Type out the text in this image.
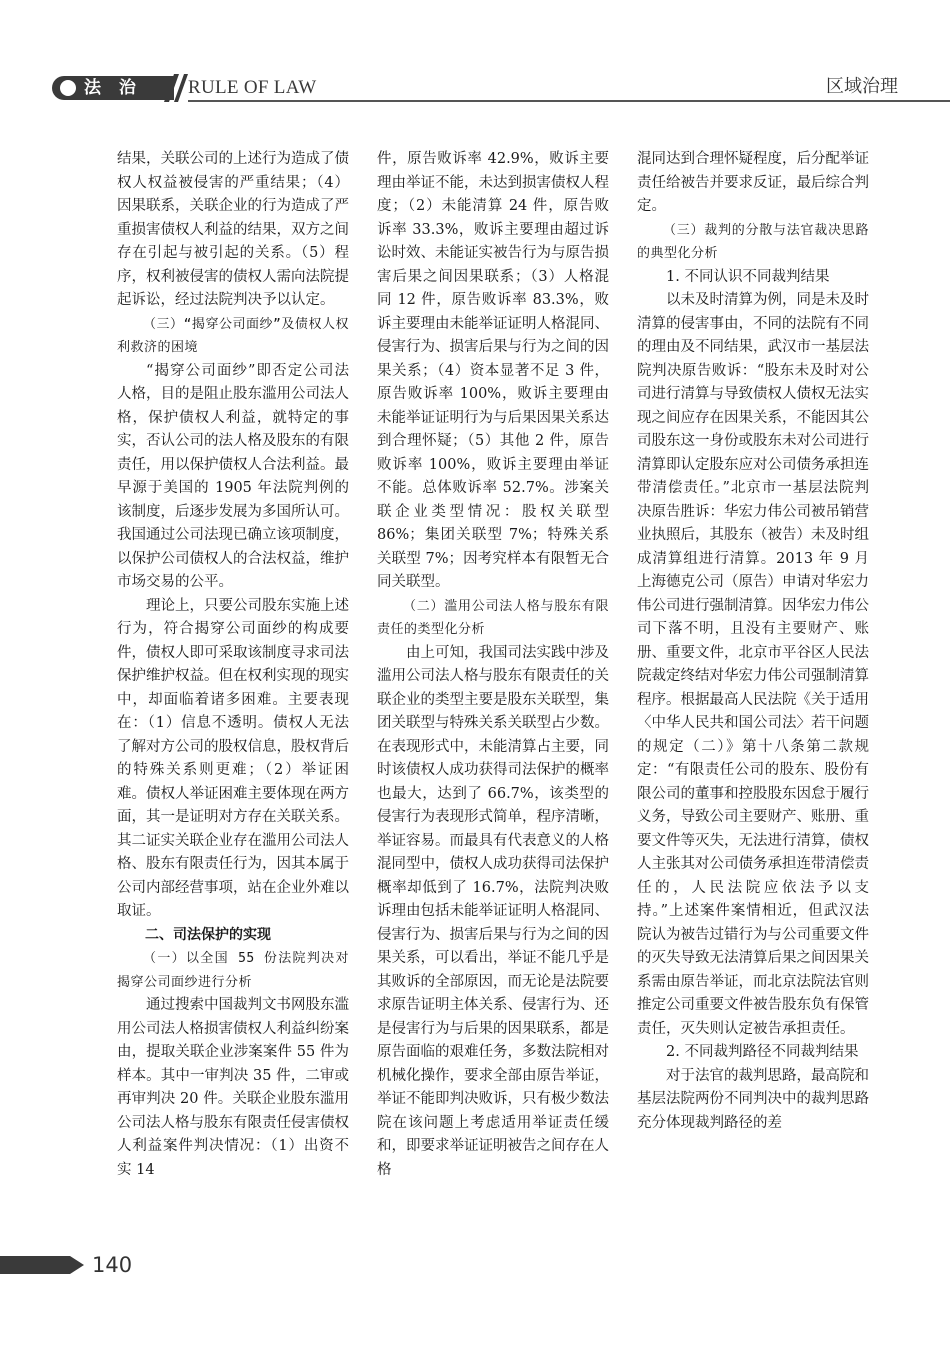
法 治 RULE OF LAW	区域治理

结果，关联公司的上述行为造成了债权人权益被侵害的严重结果；（4）因果联系，关联企业的行为造成了严重损害债权人利益的结果，双方之间存在引起与被引起的关系。（5）程序，权利被侵害的债权人需向法院提起诉讼，经过法院判决予以认定。

（三）“揭穿公司面纱”及债权人权利救济的困境

“揭穿公司面纱”即否定公司法人格，目的是阻止股东滥用公司法人格，保护债权人利益，就特定的事实，否认公司的法人格及股东的有限责任，用以保护债权人合法利益。最早源于美国的 1905 年法院判例的该制度，后逐步发展为多国所认可。我国通过公司法现已确立该项制度，以保护公司债权人的合法权益，维护市场交易的公平。

理论上，只要公司股东实施上述行为，符合揭穿公司面纱的构成要件，债权人即可采取该制度寻求司法保护维护权益。但在权利实现的现实中，却面临着诸多困难。主要表现在：（1）信息不透明。债权人无法了解对方公司的股权信息，股权背后的特殊关系则更难；（2）举证困难。债权人举证困难主要体现在两方面，其一是证明对方存在关联关系。其二证实关联企业存在滥用公司法人格、股东有限责任行为，因其本属于公司内部经营事项，站在企业外难以取证。

二、司法保护的实现

（一）以全国 55 份法院判决对揭穿公司面纱进行分析

通过搜索中国裁判文书网股东滥用公司法人格损害债权人利益纠纷案由，提取关联企业涉案案件 55 件为样本。其中一审判决 35 件，二审或再审判决 20 件。关联企业股东滥用公司法人格与股东有限责任侵害债权人利益案件判决情况：（1）出资不实 14

件，原告败诉率 42.9%，败诉主要理由举证不能，未达到损害债权人程度；（2）未能清算 24 件，原告败诉率 33.3%，败诉主要理由超过诉讼时效、未能证实被告行为与原告损害后果之间因果联系；（3）人格混同 12 件，原告败诉率 83.3%，败诉主要理由未能举证证明人格混同、侵害行为、损害后果与行为之间的因果关系；（4）资本显著不足 3 件，原告败诉率 100%，败诉主要理由未能举证证明行为与后果因果关系达到合理怀疑；（5）其他 2 件，原告败诉率 100%，败诉主要理由举证不能。总体败诉率 52.7%。涉案关联企业类型情况：股权关联型 86%；集团关联型 7%；特殊关系关联型 7%；因考究样本有限暂无合同关联型。

（二）滥用公司法人格与股东有限责任的类型化分析

由上可知，我国司法实践中涉及滥用公司法人格与股东有限责任的关联企业的类型主要是股东关联型，集团关联型与特殊关系关联型占少数。在表现形式中，未能清算占主要，同时该债权人成功获得司法保护的概率也最大，达到了 66.7%，该类型的侵害行为表现形式简单，程序清晰，举证容易。而最具有代表意义的人格混同型中，债权人成功获得司法保护概率却低到了 16.7%，法院判决败诉理由包括未能举证证明人格混同、侵害行为、损害后果与行为之间的因果关系，可以看出，举证不能几乎是其败诉的全部原因，而无论是法院要求原告证明主体关系、侵害行为、还是侵害行为与后果的因果联系，都是原告面临的艰难任务，多数法院相对机械化操作，要求全部由原告举证，举证不能即判决败诉，只有极少数法院在该问题上考虑适用举证责任缓和，即要求举证证明被告之间存在人格

混同达到合理怀疑程度，后分配举证责任给被告并要求反证，最后综合判定。

（三）裁判的分散与法官裁决思路的典型化分析

1. 不同认识不同裁判结果

以未及时清算为例，同是未及时清算的侵害事由，不同的法院有不同的理由及不同结果，武汉市一基层法院判决原告败诉：“股东未及时对公司进行清算与导致债权人债权无法实现之间应存在因果关系，不能因其公司股东这一身份或股东未对公司进行清算即认定股东应对公司债务承担连带清偿责任。”北京市一基层法院判决原告胜诉：华宏力伟公司被吊销营业执照后，其股东（被告）未及时组成清算组进行清算。2013 年 9 月上海德克公司（原告）申请对华宏力伟公司进行强制清算。因华宏力伟公司下落不明，且没有主要财产、账册、重要文件，北京市平谷区人民法院裁定终结对华宏力伟公司强制清算程序。根据最高人民法院《关于适用〈中华人民共和国公司法〉若干问题的规定（二）》第十八条第二款规定：“有限责任公司的股东、股份有限公司的董事和控股股东因怠于履行义务，导致公司主要财产、账册、重要文件等灭失，无法进行清算，债权人主张其对公司债务承担连带清偿责任的，人民法院应依法予以支持。”上述案件案情相近，但武汉法院认为被告过错行为与公司重要文件的灭失导致无法清算后果之间因果关系需由原告举证，而北京法院法官则推定公司重要文件被告股东负有保管责任，灭失则认定被告承担责任。

2. 不同裁判路径不同裁判结果

对于法官的裁判思路，最高院和基层法院两份不同判决中的裁判思路充分体现裁判路径的差

140
